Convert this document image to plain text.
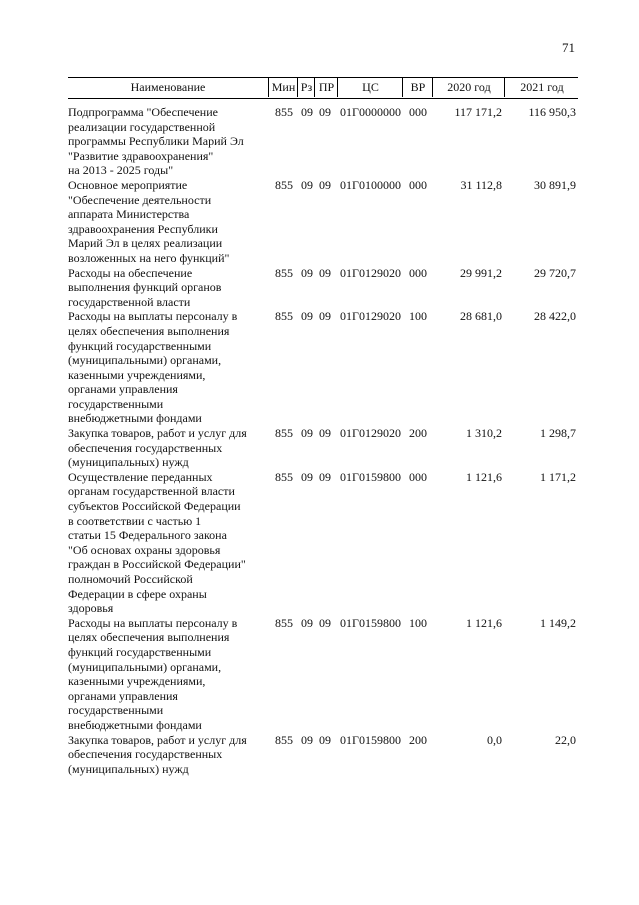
71
Наименование	Мин Рз ПР	ЦС	ВР	2020 год	2021 год
Подпрограмма "Обеспечение
реализации государственной
программы Республики Марий Эл
"Развитие здравоохранения"
на 2013 - 2025 годы"
855 09 09 01Г0000000 000	117 171,2	116 950,3
Основное мероприятие
"Обеспечение деятельности
аппарата Министерства
здравоохранения Республики
Марий Эл в целях реализации
возложенных на него функций"
855 09 09 01Г0100000 000	31 112,8	30 891,9
Расходы на обеспечение
выполнения функций органов
государственной власти
855 09 09 01Г0129020 000	29 991,2	29 720,7
Расходы на выплаты персоналу в
целях обеспечения выполнения
функций государственными
(муниципальными) органами,
казенными учреждениями,
органами управления
государственными
внебюджетными фондами
855 09 09 01Г0129020 100	28 681,0	28 422,0
Закупка товаров, работ и услуг для
обеспечения государственных
(муниципальных) нужд
855 09 09 01Г0129020 200	1 310,2	1 298,7
Осуществление переданных
органам государственной власти
субъектов Российской Федерации
в соответствии с частью 1
статьи 15 Федерального закона
"Об основах охраны здоровья
граждан в Российской Федерации"
полномочий Российской
Федерации в сфере охраны
здоровья
855 09 09 01Г0159800 000	1 121,6	1 171,2
Расходы на выплаты персоналу в
целях обеспечения выполнения
функций государственными
(муниципальными) органами,
казенными учреждениями,
органами управления
государственными
внебюджетными фондами
855 09 09 01Г0159800 100	1 121,6	1 149,2
Закупка товаров, работ и услуг для
обеспечения государственных
(муниципальных) нужд
855 09 09 01Г0159800 200	0,0	22,0
